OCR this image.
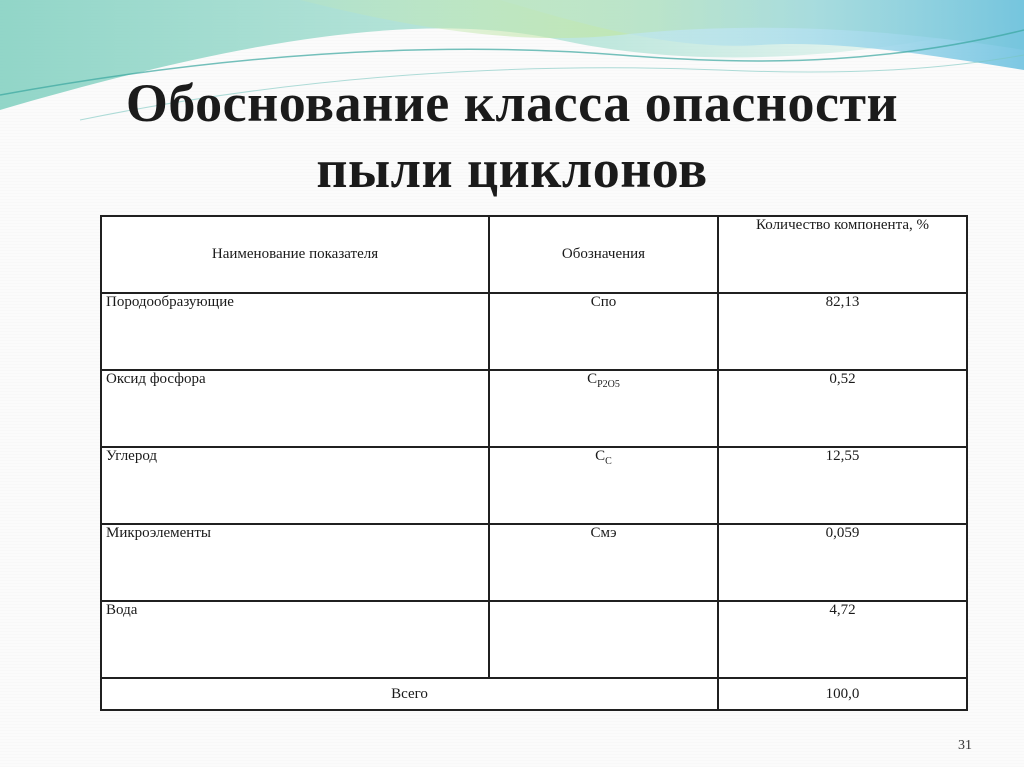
Обоснование класса опасности
пыли циклонов
Наименование показателя	Обозначения	Количество компонента, %
Породообразующие	Спо	82,13
Оксид фосфора	$С_{P2O5}$	0,52
Углерод	$С_С$	12,55
Микроэлементы	Смэ	0,059
Вода		4,72
Всего		100,0
31
